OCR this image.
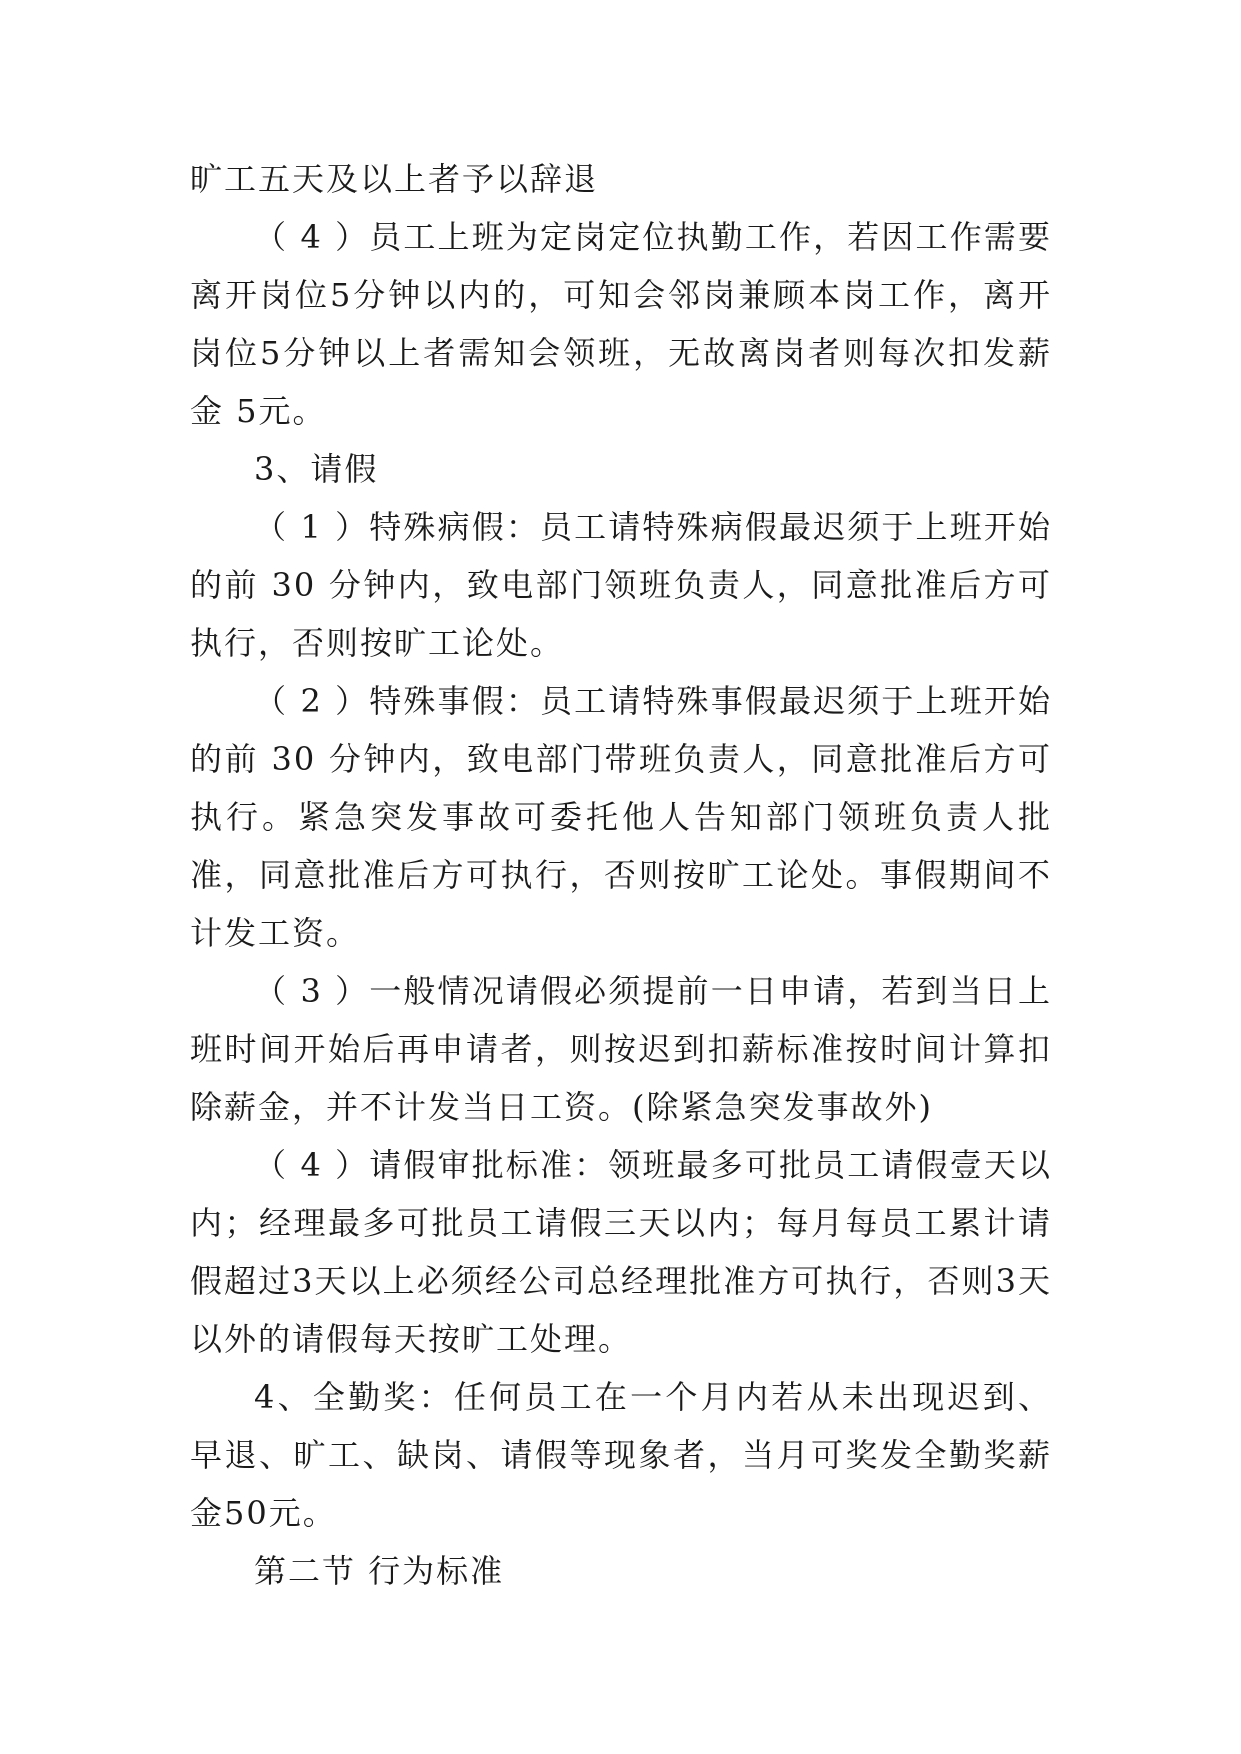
旷工五天及以上者予以辞退

（ 4 ）员工上班为定岗定位执勤工作，若因工作需要离开岗位5分钟以内的，可知会邻岗兼顾本岗工作，离开岗位5分钟以上者需知会领班，无故离岗者则每次扣发薪金 5元。

3、请假

（ 1 ）特殊病假：员工请特殊病假最迟须于上班开始的前 30 分钟内，致电部门领班负责人，同意批准后方可执行，否则按旷工论处。

（ 2 ）特殊事假：员工请特殊事假最迟须于上班开始的前 30 分钟内，致电部门带班负责人，同意批准后方可执行。紧急突发事故可委托他人告知部门领班负责人批准，同意批准后方可执行，否则按旷工论处。事假期间不计发工资。

（ 3 ）一般情况请假必须提前一日申请，若到当日上班时间开始后再申请者，则按迟到扣薪标准按时间计算扣除薪金，并不计发当日工资。(除紧急突发事故外)

（ 4 ）请假审批标准：领班最多可批员工请假壹天以内；经理最多可批员工请假三天以内；每月每员工累计请假超过3天以上必须经公司总经理批准方可执行，否则3天以外的请假每天按旷工处理。

4、全勤奖：任何员工在一个月内若从未出现迟到、早退、旷工、缺岗、请假等现象者，当月可奖发全勤奖薪金50元。

第二节 行为标准
